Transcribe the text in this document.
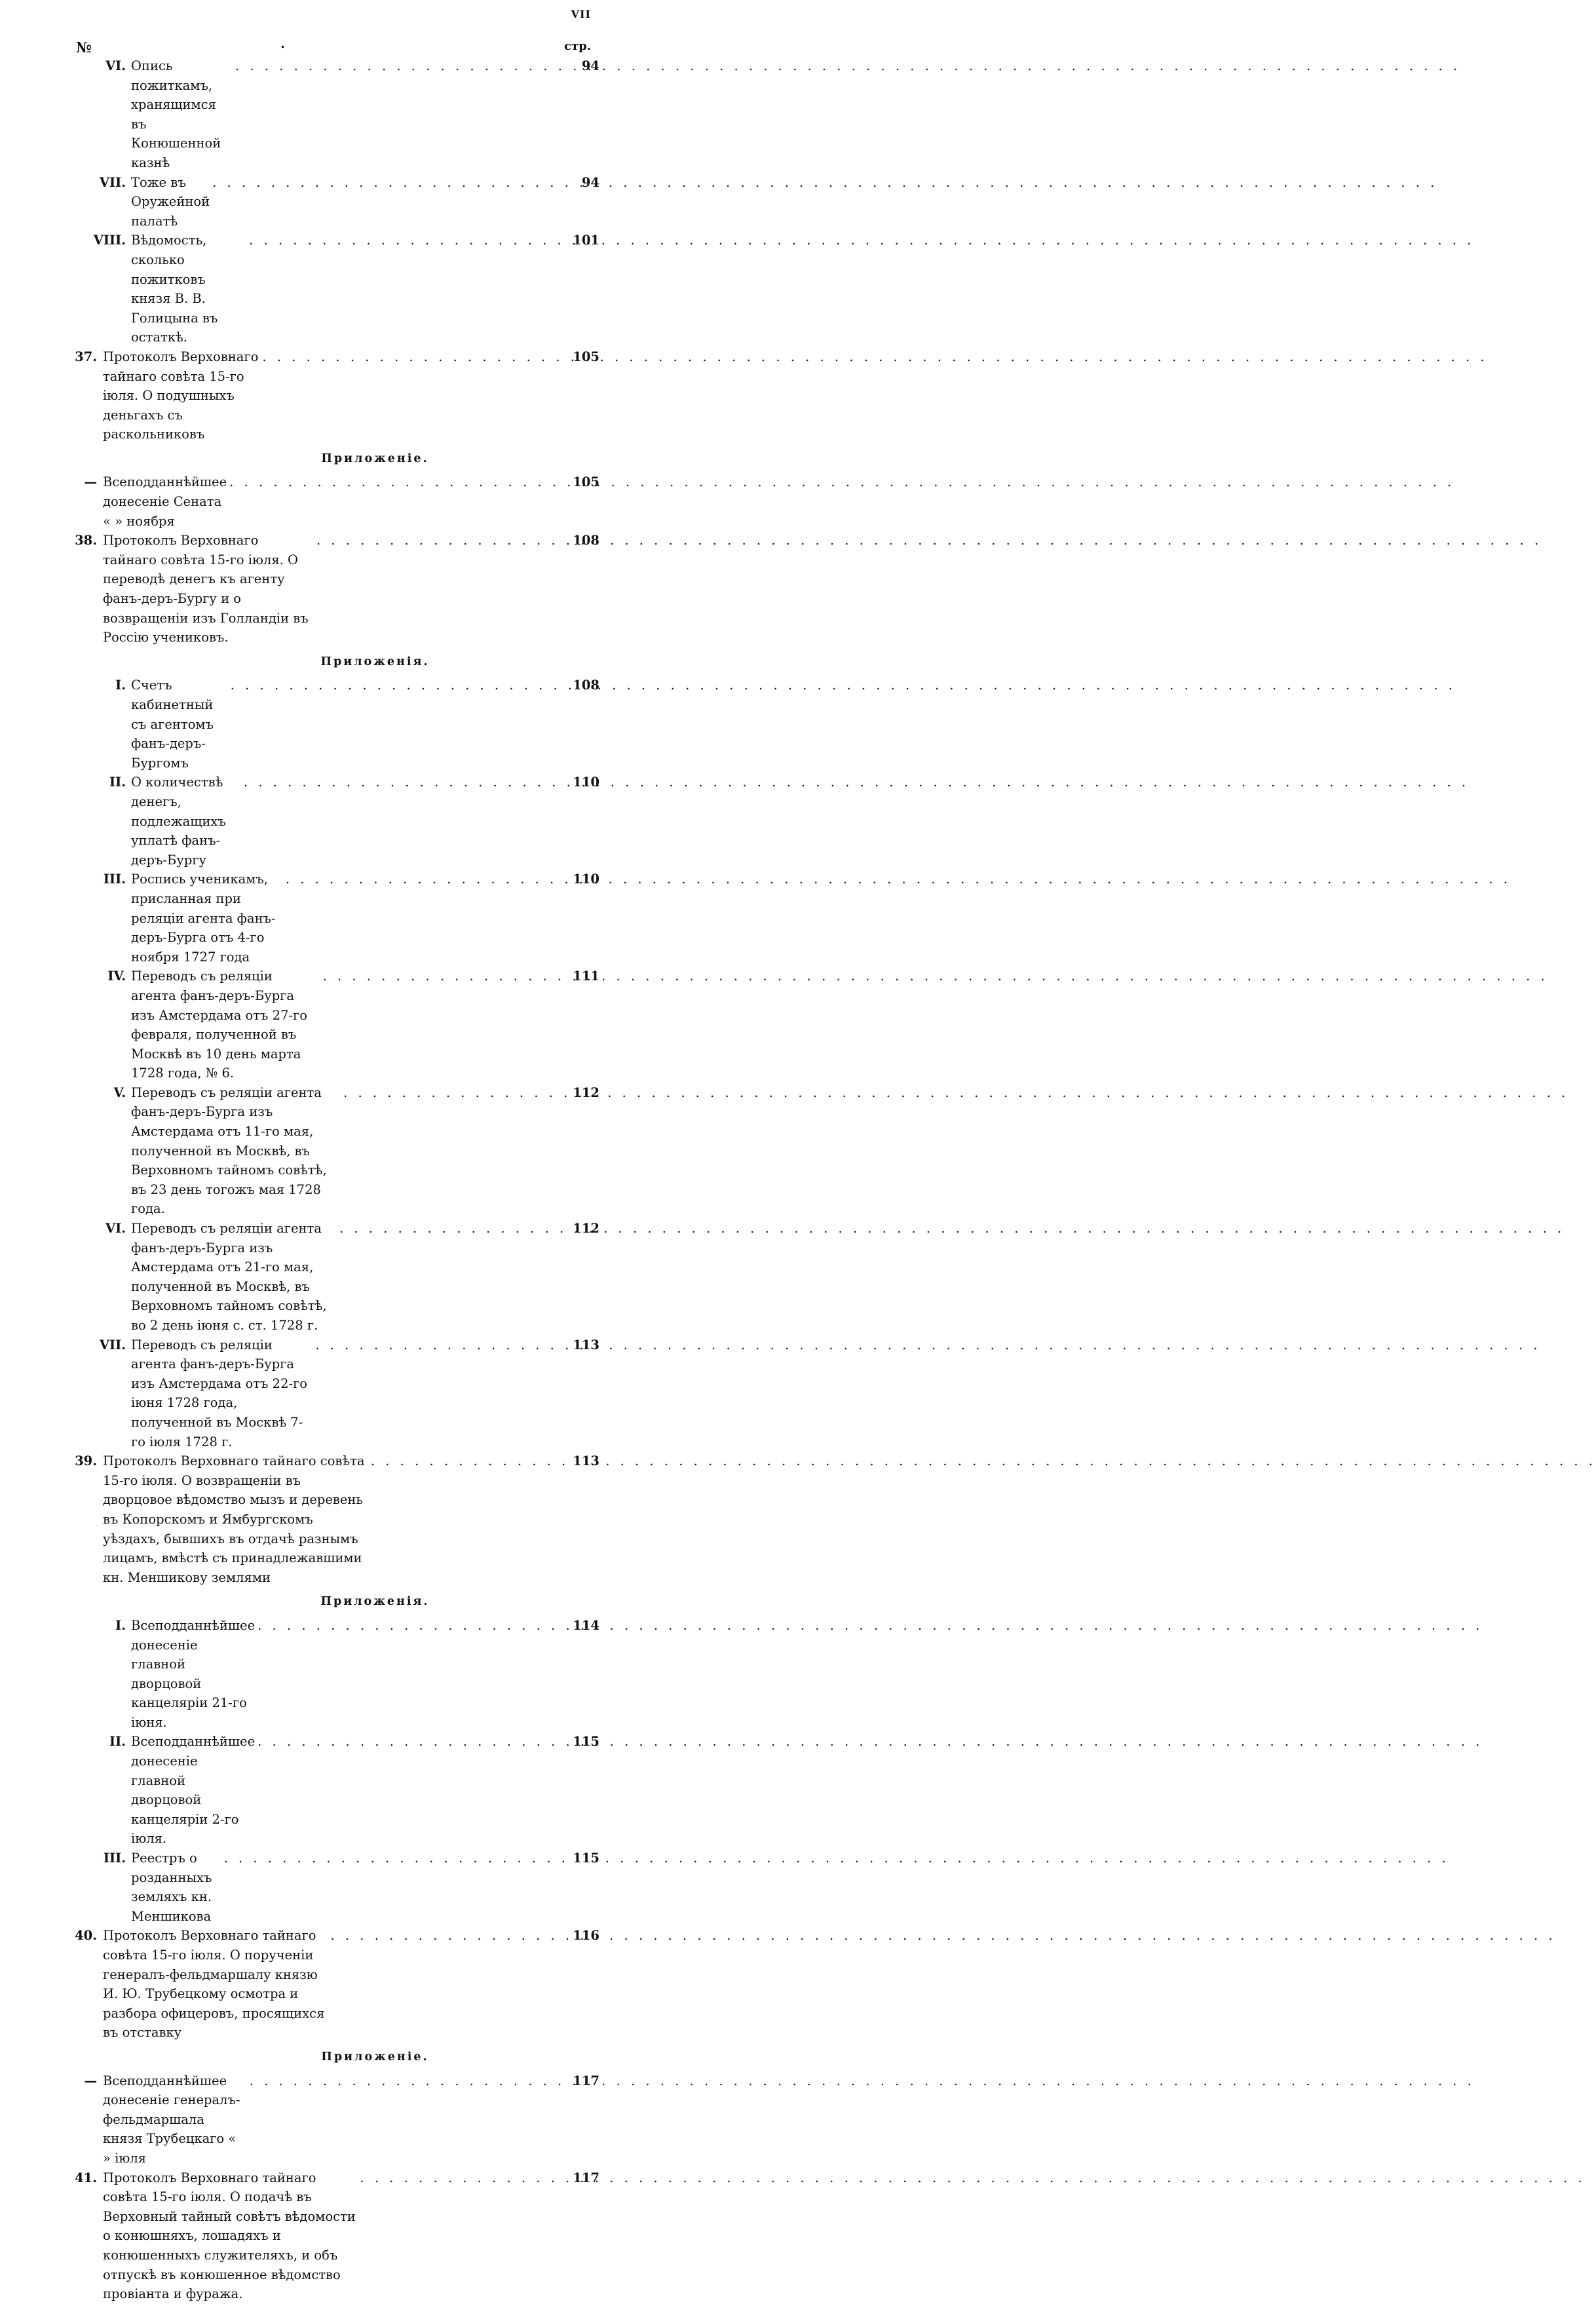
VII
№	.	стр.
VI. Опись пожиткамъ, хранящимся въ Конюшенной казнѣ
. . .
94
VII. Тоже въ Оружейной палатѣ
. . .
94
VIII. Вѣдомость, сколько пожитковъ князя В. В. Голицына въ остаткѣ.
. . .
101
37. Протоколъ Верховнаго тайнаго совѣта 15-го іюля. О подушныхъ деньгахъ съ раскольниковъ
. . .
105
Приложеніе.
— Всеподданнѣйшее донесеніе Сената « » ноября
. . .
105
38. Протоколъ Верховнаго тайнаго совѣта 15-го іюля. О переводѣ денегъ къ агенту фанъ-деръ-Бургу и о возвращеніи изъ Голландіи въ Россію учениковъ.
. . .
108
Приложенія.
I. Счетъ кабинетный съ агентомъ фанъ-деръ-Бургомъ
. . .
108
II. О количествѣ денегъ, подлежащихъ уплатѣ фанъ-деръ-Бургу
. . .
110
III. Роспись ученикамъ, присланная при реляціи агента фанъ-деръ-Бурга отъ 4-го ноября 1727 года
. . .
110
IV. Переводъ съ реляціи агента фанъ-деръ-Бурга изъ Амстердама отъ 27-го февраля, полученной въ Москвѣ въ 10 день марта 1728 года, № 6.
. . .
111
V. Переводъ съ реляціи агента фанъ-деръ-Бурга изъ Амстердама отъ 11-го мая, полученной въ Москвѣ, въ Верховномъ тайномъ совѣтѣ, въ 23 день тогожъ мая 1728 года.
. . .
112
VI. Переводъ съ реляціи агента фанъ-деръ-Бурга изъ Амстердама отъ 21-го мая, полученной въ Москвѣ, въ Верховномъ тайномъ совѣтѣ, во 2 день іюня с. ст. 1728 г.
. . .
112
VII. Переводъ съ реляціи агента фанъ-деръ-Бурга изъ Амстердама отъ 22-го іюня 1728 года, полученной въ Москвѣ 7-го іюля 1728 г.
. . .
113
39. Протоколъ Верховнаго тайнаго совѣта 15-го іюля. О возвращеніи въ дворцовое вѣдомство мызъ и деревень въ Копорскомъ и Ямбургскомъ уѣздахъ, бывшихъ въ отдачѣ разнымъ лицамъ, вмѣстѣ съ принадлежавшими кн. Меншикову землями
. . .
113
Приложенія.
I. Всеподданнѣйшее донесеніе главной дворцовой канцеляріи 21-го іюня.
. . .
114
II. Всеподданнѣйшее донесеніе главной дворцовой канцеляріи 2-го іюля.
. . .
115
III. Реестръ о розданныхъ земляхъ кн. Меншикова
. . .
115
40. Протоколъ Верховнаго тайнаго совѣта 15-го іюля. О порученіи генералъ-фельдмаршалу князю И. Ю. Трубецкому осмотра и разбора офицеровъ, просящихся въ отставку
. . .
116
Приложеніе.
— Всеподданнѣйшее донесеніе генералъ-фельдмаршала князя Трубецкаго « » іюля
. . .
117
41. Протоколъ Верховнаго тайнаго совѣта 15-го іюля. О подачѣ въ Верховный тайный совѣтъ вѣдомости о конюшняхъ, лошадяхъ и конюшенныхъ служителяхъ, и объ отпускѣ въ конюшенное вѣдомство провіанта и фуража.
. . .
117
